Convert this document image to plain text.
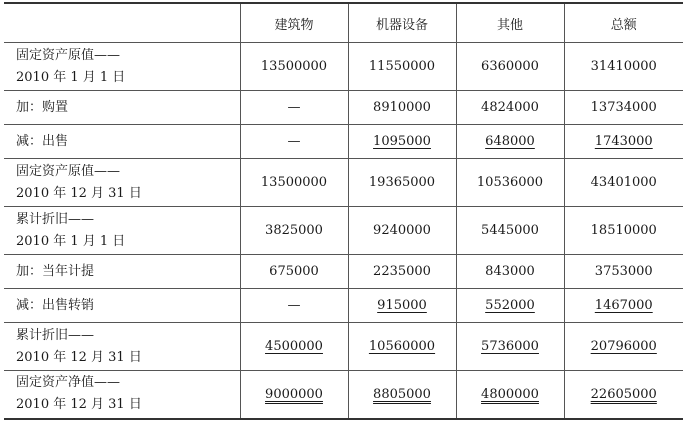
	建筑物	机器设备	其他	总额

固定资产原值——
2010 年 1 月 1 日	13500000	11550000	6360000	31410000

加：购置	—	8910000	4824000	13734000

减：出售	—	1095000	648000	1743000

固定资产原值——
2010 年 12 月 31 日	13500000	19365000	10536000	43401000

累计折旧——
2010 年 1 月 1 日	3825000	9240000	5445000	18510000

加：当年计提	675000	2235000	843000	3753000

减：出售转销	—	915000	552000	1467000

累计折旧——
2010 年 12 月 31 日	4500000	10560000	5736000	20796000

固定资产净值——
2010 年 12 月 31 日	9000000	8805000	4800000	22605000
